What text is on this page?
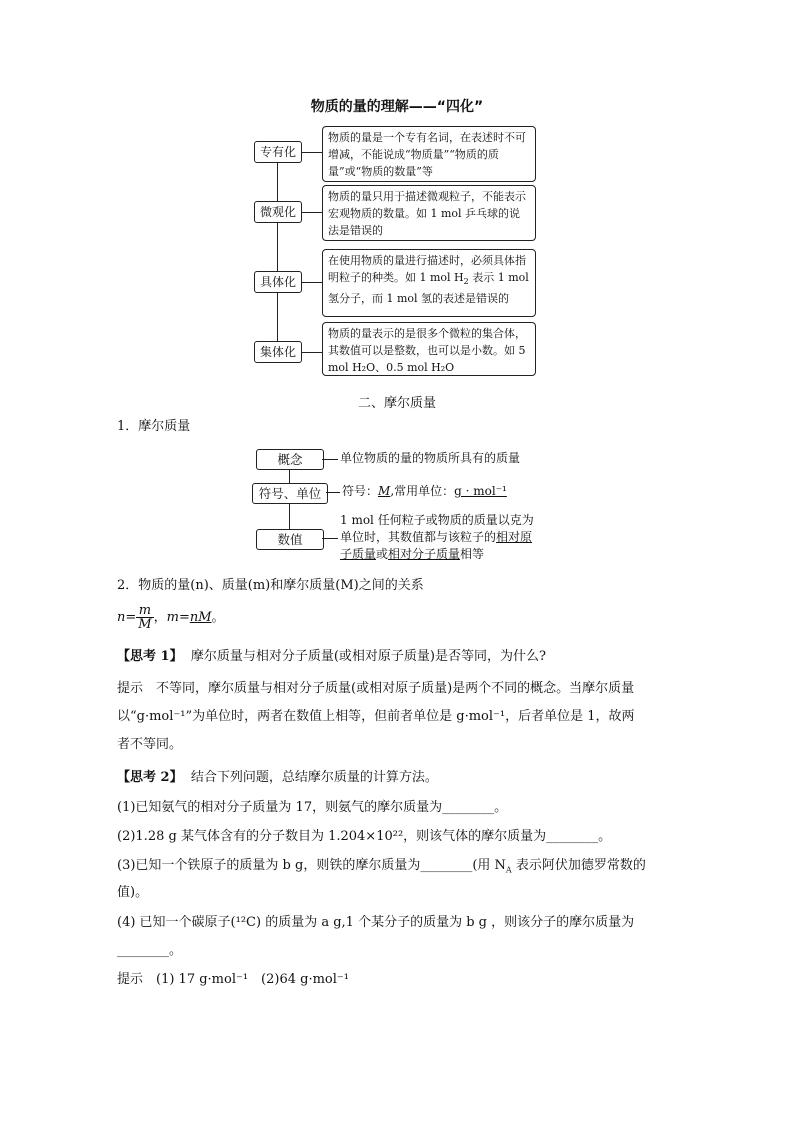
物质的量的理解——“四化”
专有化
物质的量是一个专有名词，在表述时不可增减，不能说成“物质量”“物质的质量”或“物质的数量”等
微观化
物质的量只用于描述微观粒子，不能表示宏观物质的数量。如 1 mol 乒乓球的说法是错误的
具体化
在使用物质的量进行描述时，必须具体指明粒子的种类。如 1 mol $H_2$ 表示 1 mol 氢分子，而 1 mol 氢的表述是错误的
集体化
物质的量表示的是很多个微粒的集合体，其数值可以是整数，也可以是小数。如 5 mol H₂O、0.5 mol H₂O
二、摩尔质量
1．摩尔质量
概念	单位物质的量的物质所具有的质量
符号、单位	符号：M,常用单位：g · mol⁻¹
数值
1 mol 任何粒子或物质的质量以克为单位时，其数值都与该粒子的相对原子质量或相对分子质量相等
2．物质的量(n)、质量(m)和摩尔质量(M)之间的关系
$n= \frac{m}{M}$ ，m=nM。
【思考 1】 摩尔质量与相对分子质量(或相对原子质量)是否等同，为什么?
提示　不等同，摩尔质量与相对分子质量(或相对原子质量)是两个不同的概念。当摩尔质量
以“g·mol⁻¹”为单位时，两者在数值上相等，但前者单位是 g·mol⁻¹，后者单位是 1，故两
者不等同。
【思考 2】 结合下列问题，总结摩尔质量的计算方法。
(1)已知氨气的相对分子质量为 17，则氨气的摩尔质量为________。
(2)1.28 g 某气体含有的分子数目为 1.204×10²²，则该气体的摩尔质量为________。
(3)已知一个铁原子的质量为 b g，则铁的摩尔质量为________(用 $N_A$ 表示阿伏加德罗常数的
值)。
(4) 已知一个碳原子(¹²C) 的质量为 a g,1 个某分子的质量为 b g ，则该分子的摩尔质量为
________。
提示　(1) 17 g·mol⁻¹　(2)64 g·mol⁻¹
